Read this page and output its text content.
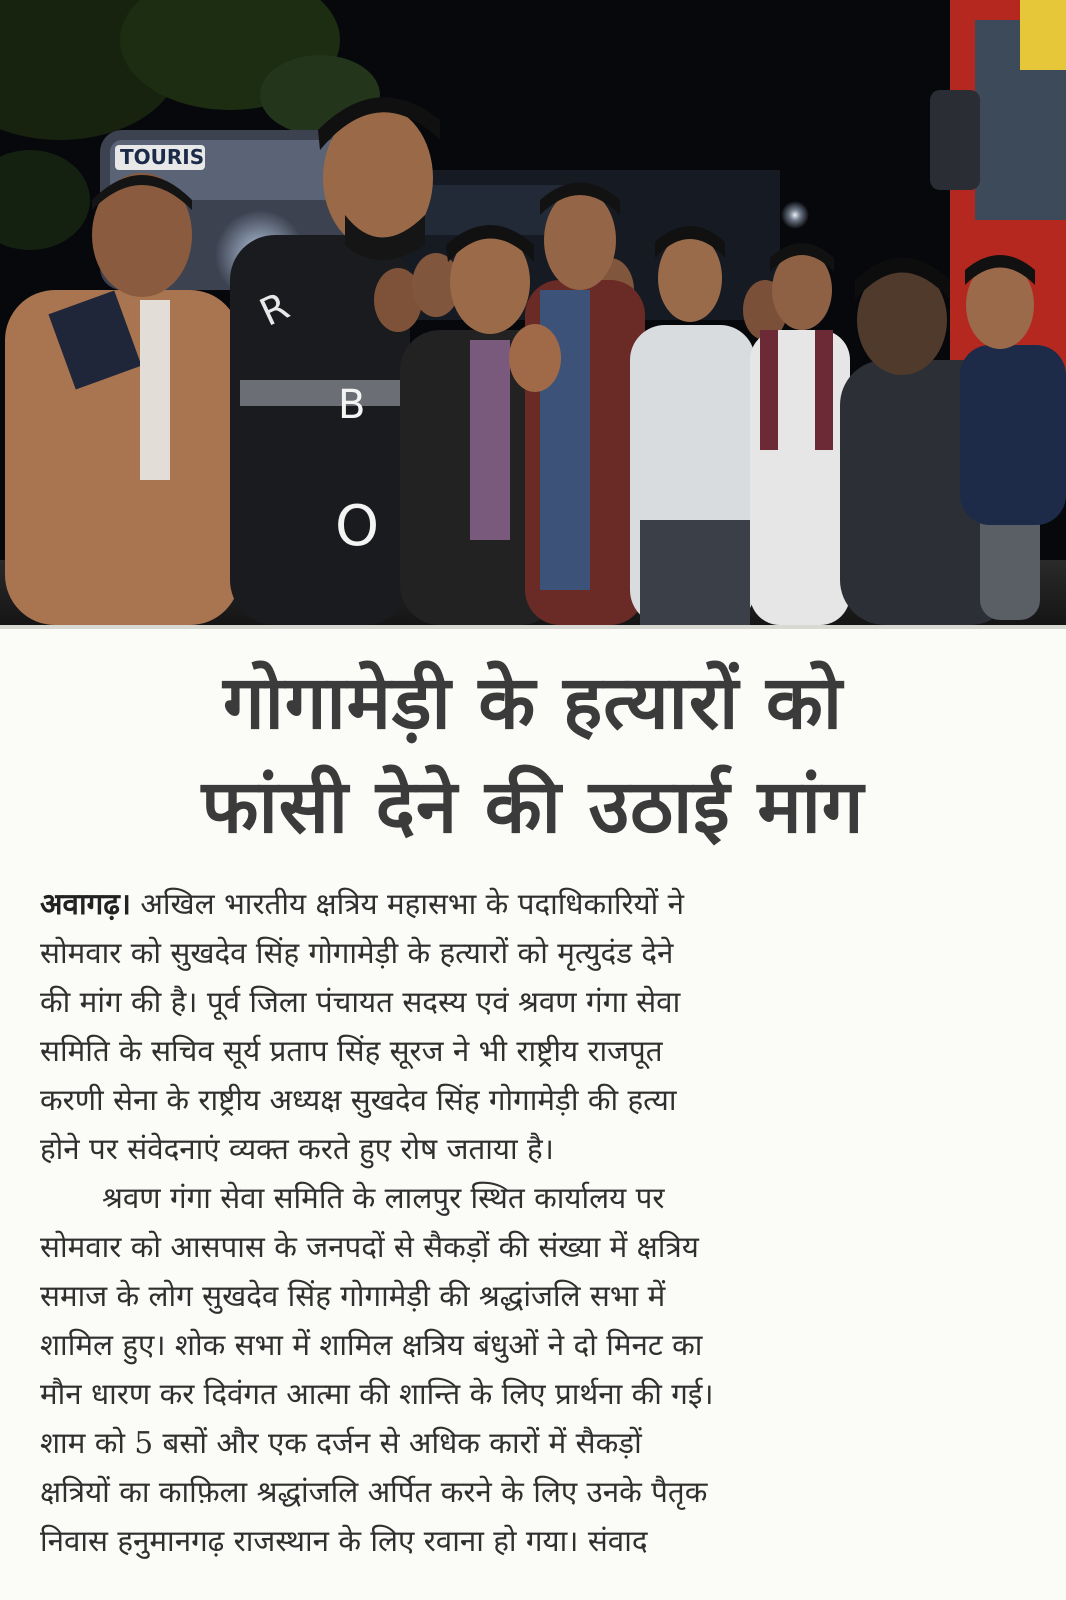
TOURIS
B
O
R
गोगामेड़ी के हत्यारों को
फांसी देने की उठाई मांग
अवागढ़। अखिल भारतीय क्षत्रिय महासभा के पदाधिकारियों ने
सोमवार को सुखदेव सिंह गोगामेड़ी के हत्यारों को मृत्युदंड देने
की मांग की है। पूर्व जिला पंचायत सदस्य एवं श्रवण गंगा सेवा
समिति के सचिव सूर्य प्रताप सिंह सूरज ने भी राष्ट्रीय राजपूत
करणी सेना के राष्ट्रीय अध्यक्ष सुखदेव सिंह गोगामेड़ी की हत्या
होने पर संवेदनाएं व्यक्त करते हुए रोष जताया है।
श्रवण गंगा सेवा समिति के लालपुर स्थित कार्यालय पर
सोमवार को आसपास के जनपदों से सैकड़ों की संख्या में क्षत्रिय
समाज के लोग सुखदेव सिंह गोगामेड़ी की श्रद्धांजलि सभा में
शामिल हुए। शोक सभा में शामिल क्षत्रिय बंधुओं ने दो मिनट का
मौन धारण कर दिवंगत आत्मा की शान्ति के लिए प्रार्थना की गई।
शाम को 5 बसों और एक दर्जन से अधिक कारों में सैकड़ों
क्षत्रियों का काफ़िला श्रद्धांजलि अर्पित करने के लिए उनके पैतृक
निवास हनुमानगढ़ राजस्थान के लिए रवाना हो गया। संवाद
